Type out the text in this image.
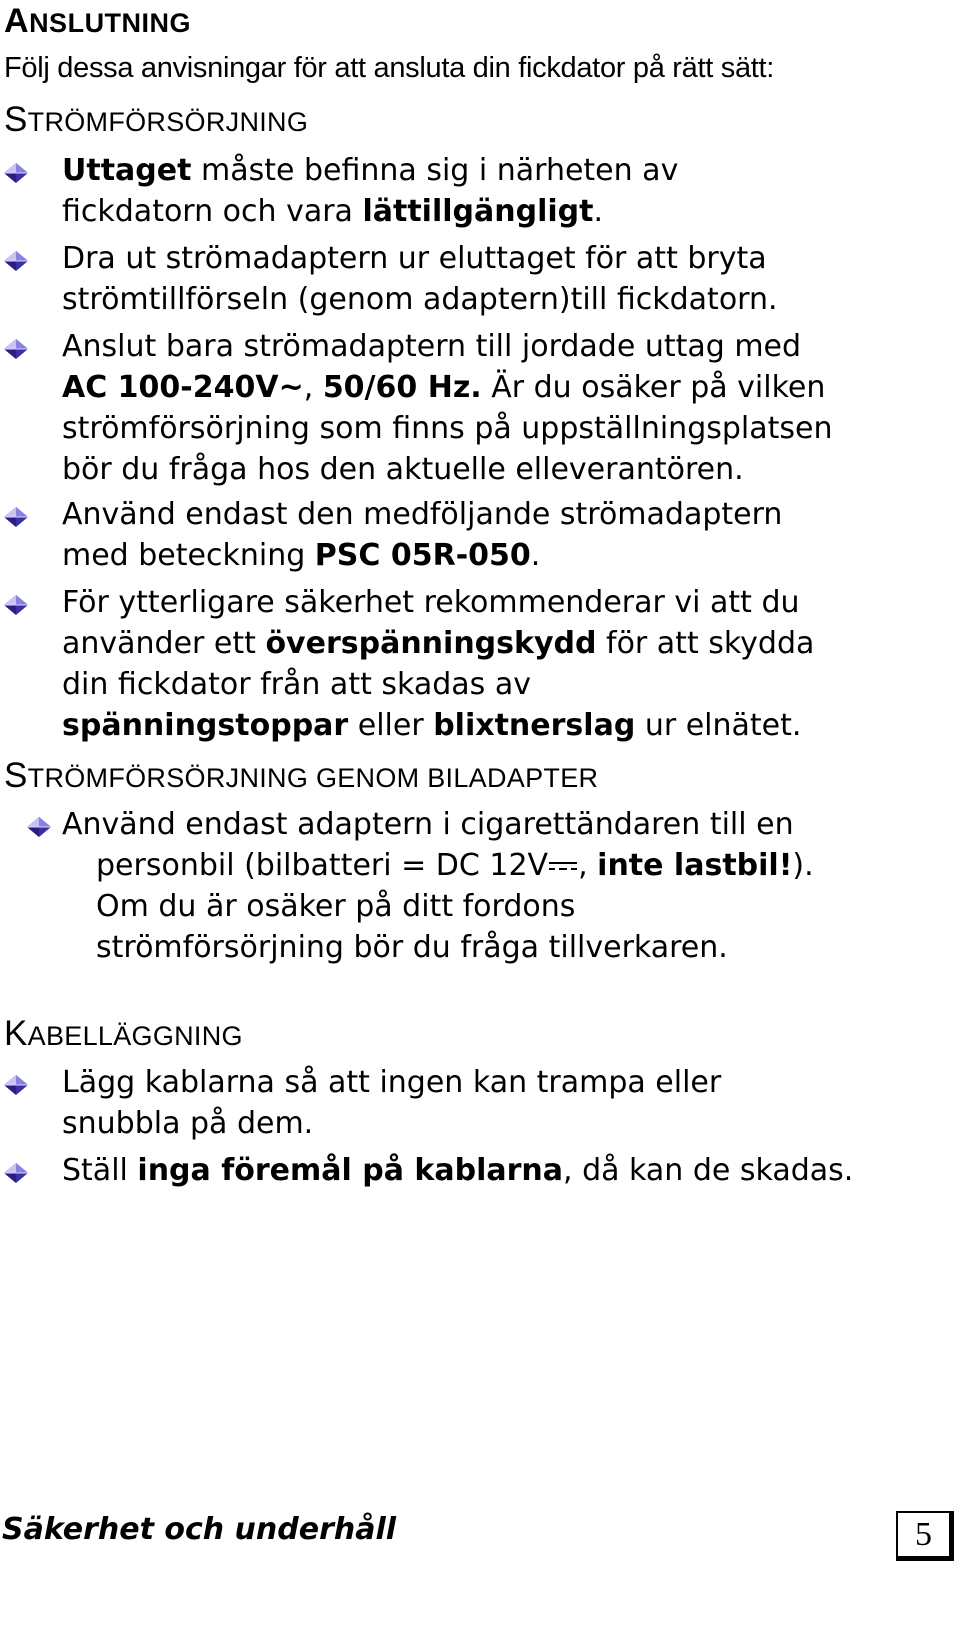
ANSLUTNING
Följ dessa anvisningar för att ansluta din fickdator på rätt sätt:
STRÖMFÖRSÖRJNING
Uttaget måste befinna sig i närheten av
fickdatorn och vara lättillgängligt.
Dra ut strömadaptern ur eluttaget för att bryta
strömtillförseln (genom adaptern)till fickdatorn.
Anslut bara strömadaptern till jordade uttag med
AC 100-240V~, 50/60 Hz. Är du osäker på vilken
strömförsörjning som finns på uppställningsplatsen
bör du fråga hos den aktuelle elleverantören.
Använd endast den medföljande strömadaptern
med beteckning PSC 05R-050.
För ytterligare säkerhet rekommenderar vi att du
använder ett överspänningskydd för att skydda
din fickdator från att skadas av
spänningstoppar eller blixtnerslag ur elnätet.
STRÖMFÖRSÖRJNING GENOM BILADAPTER
Använd endast adaptern i cigarettändaren till en
personbil (bilbatteri = DC 12V , inte lastbil!).
Om du är osäker på ditt fordons
strömförsörjning bör du fråga tillverkaren.
KABELLÄGGNING
Lägg kablarna så att ingen kan trampa eller
snubbla på dem.
Ställ inga föremål på kablarna, då kan de skadas.
Säkerhet och underhåll	5
